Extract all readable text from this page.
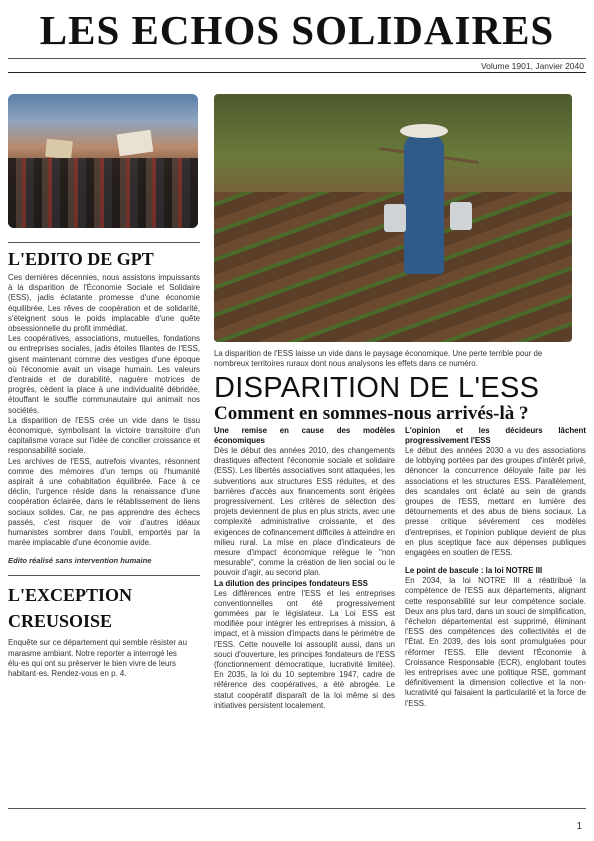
LES ECHOS SOLIDAIRES
Volume 1901, Janvier 2040
L'EDITO DE GPT

Ces dernières décennies, nous assistons impuissants à la disparition de l'Économie Sociale et Solidaire (ESS), jadis éclatante promesse d'une économie équilibrée. Les rêves de coopération et de solidarité, s'éteignent sous le poids implacable d'une quête obsessionnelle du profit immédiat.

Les coopératives, associations, mutuelles, fondations ou entreprises sociales, jadis étoiles filantes de l'ESS, gisent maintenant comme des vestiges d'une époque où l'économie avait un visage humain. Les valeurs d'entraide et de durabilité, naguère motrices de progrès, cèdent la place à une individualité débridée, étouffant le souffle communautaire qui animait nos sociétés.

La disparition de l'ESS crée un vide dans le tissu économique, symbolisant la victoire transitoire d'un capitalisme vorace sur l'idée de concilier croissance et responsabilité sociale.

Les archives de l'ESS, autrefois vivantes, résonnent comme des mémoires d'un temps où l'humanité aspirait à une cohabitation équilibrée. Face à ce déclin, l'urgence réside dans la renaissance d'une coopération éclairée, dans le rétablissement de liens sociaux solides. Car, ne pas apprendre des échecs passés, c'est risquer de voir d'autres idéaux humanistes sombrer dans l'oubli, emportés par la marée implacable d'une économie avide.

Edito réalisé sans intervention humaine

L'EXCEPTION
CREUSOISE

Enquête sur ce département qui semble résister au marasme ambiant. Notre reporter a interrogé les élu·es qui ont su préserver le bien vivre de leurs habitant·es. Rendez-vous en p. 4.

La disparition de l'ESS laisse un vide dans le paysage économique. Une perte terrible pour de nombreux territoires ruraux dont nous analysons les effets dans ce numéro.

DISPARITION DE L'ESS
Comment en sommes-nous arrivés-là ?

Une remise en cause des modèles économiques

Dès le début des années 2010, des changements drastiques affectent l'économie sociale et solidaire (ESS). Les libertés associatives sont attaquées, les subventions aux structures ESS réduites, et des barrières d'accès aux financements sont érigées progressivement. Les critères de sélection des projets deviennent de plus en plus stricts, avec une complexité administrative croissante, et des exigences de cofinancement difficiles à atteindre en milieu rural. La mise en place d'indicateurs de mesure d'impact économique relègue le "non mesurable", comme la création de lien social ou le pouvoir d'agir, au second plan.

La dilution des principes fondateurs ESS

Les différences entre l'ESS et les entreprises conventionnelles ont été progressivement gommées par le législateur. La Loi ESS est modifiée pour intégrer les entreprises à mission, à impact, et à mission d'impacts dans le périmètre de l'ESS. Cette nouvelle loi assouplit aussi, dans un souci d'ouverture, les principes fondateurs de l'ESS (fonctionnement démocratique, lucrativité limitée). En 2035, la loi du 10 septembre 1947, cadre de référence des coopératives, a été abrogée. Le statut coopératif disparaît de la loi même si des initiatives persistent localement.

L'opinion et les décideurs lâchent progressivement l'ESS

Le début des années 2030 a vu des associations de lobbying portées par des groupes d'intérêt privé, dénoncer la concurrence déloyale faite par les associations et les structures ESS. Parallèlement, des scandales ont éclaté au sein de grands groupes de l'ESS, mettant en lumière des détournements et des abus de biens sociaux. La presse critique sévèrement ces modèles d'entreprises, et l'opinion publique devient de plus en plus sceptique face aux dépenses publiques engagées en soutien de l'ESS.

Le point de bascule : la loi NOTRE III

En 2034, la loi NOTRE III a réattribué la compétence de l'ESS aux départements, alignant cette responsabilité sur leur compétence sociale. Deux ans plus tard, dans un souci de simplification, l'échelon départemental est supprimé, éliminant l'ESS des compétences des collectivités et de l'État. En 2039, des lois sont promulguées pour réformer l'ESS. Elle devient l'Économie à Croissance Responsable (ECR), englobant toutes les entreprises avec une politique RSE, gommant définitivement la dimension collective et la non-lucrativité qui faisaient la particularité et la force de l'ESS.

1
